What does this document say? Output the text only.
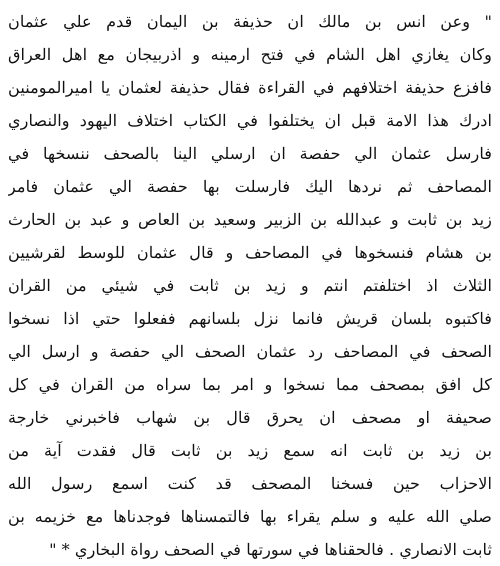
" وعن انس بن مالك ان حذيفة بن اليمان قدم علي عثمان
وكان يغازي اهل الشام في فتح ارمينه و اذربيجان مع اهل العراق
فافزع حذيفة اختلافهم في القراءة فقال حذيفة لعثمان يا اميرالمومنين
ادرك هذا الامة قبل ان يختلفوا في الكتاب اختلاف اليهود والنصاري
فارسل عثمان الي حفصة ان ارسلي الينا بالصحف ننسخها في
المصاحف ثم نردها اليك فارسلت بها حفصة الي عثمان فامر
زيد بن ثابت و عبدالله بن الزبير وسعيد بن العاص و عبد بن الحارث
بن هشام فنسخوها في المصاحف و قال عثمان للوسط لقرشيين
الثلاث اذ اختلفتم انتم و زيد بن ثابت في شيئي من القران
فاكتبوه بلسان قريش فانما نزل بلسانهم ففعلوا حتي اذا نسخوا
الصحف في المصاحف رد عثمان الصحف الي حفصة و ارسل الي
كل افق بمصحف مما نسخوا و امر بما سراه من القران في كل
صحيفة او مصحف ان يحرق قال بن شهاب فاخبرني خارجة
بن زيد بن ثابت انه سمع زيد بن ثابت قال فقدت آية من
الاحزاب حين فسخنا المصحف قد كنت اسمع رسول الله
صلي الله عليه و سلم يقراء بها فالتمسناها فوجدناها مع خزيمه بن
ثابت الانصاري . فالحقناها في سورتها في الصحف رواة البخاري * "
